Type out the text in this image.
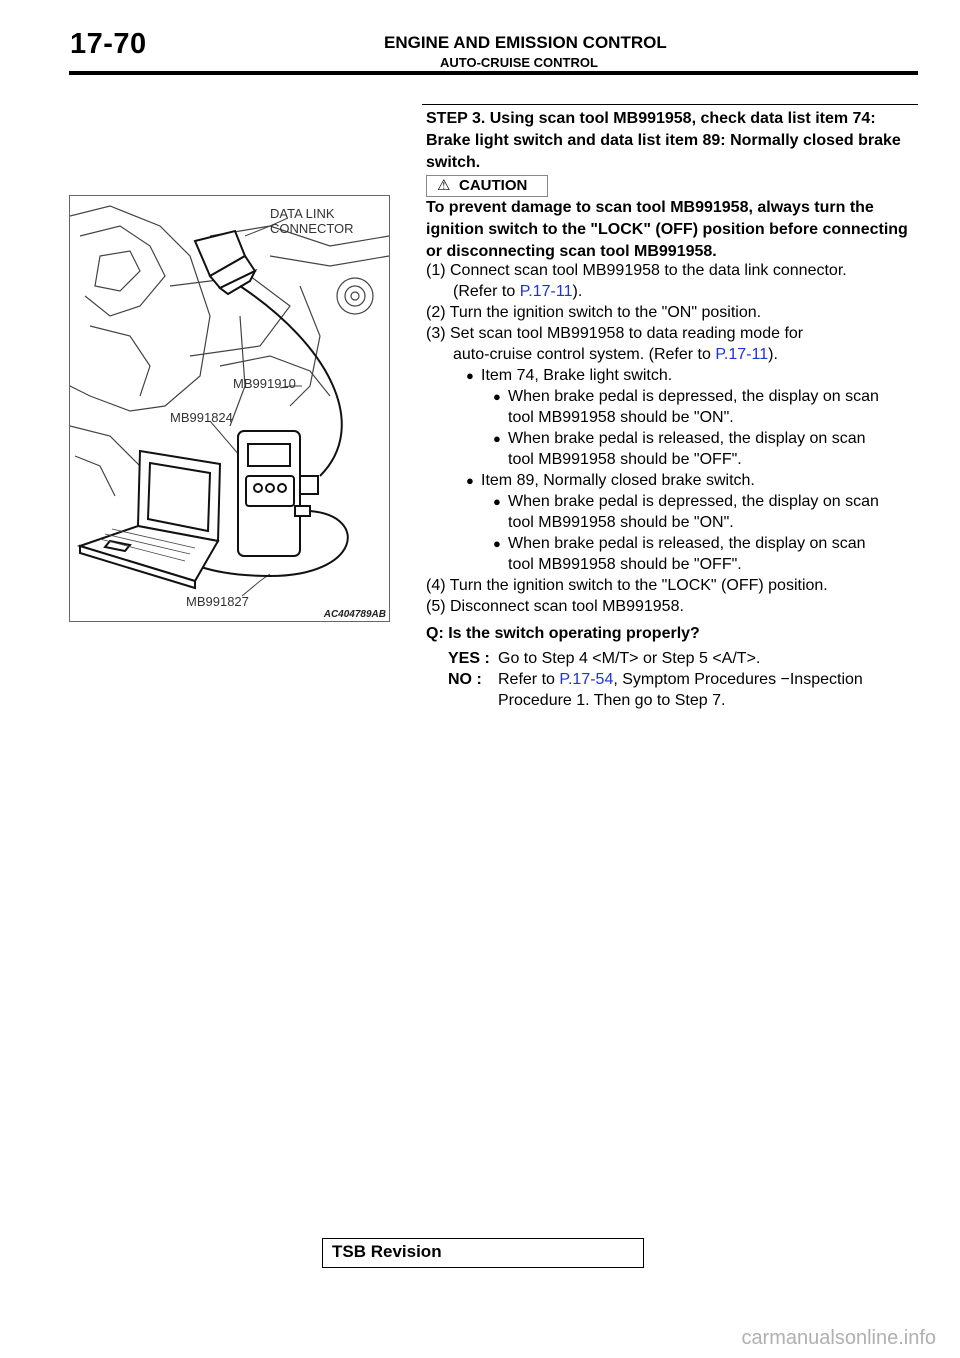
17-70	ENGINE AND EMISSION CONTROL
AUTO-CRUISE CONTROL
DATA LINK
CONNECTOR
MB991910
MB991824
MB991827
AC404789AB
STEP 3. Using scan tool MB991958, check data list item 74: Brake light switch and data list item 89: Normally closed brake switch.
⚠ CAUTION
To prevent damage to scan tool MB991958, always turn the ignition switch to the "LOCK" (OFF) position before connecting or disconnecting scan tool MB991958.
(1) Connect scan tool MB991958 to the data link connector.
(Refer to P.17-11).
(2) Turn the ignition switch to the "ON" position.
(3) Set scan tool MB991958 to data reading mode for
auto-cruise control system. (Refer to P.17-11).
● Item 74, Brake light switch.
● When brake pedal is depressed, the display on scan
tool MB991958 should be "ON".
● When brake pedal is released, the display on scan
tool MB991958 should be "OFF".
● Item 89, Normally closed brake switch.
● When brake pedal is depressed, the display on scan
tool MB991958 should be "ON".
● When brake pedal is released, the display on scan
tool MB991958 should be "OFF".
(4) Turn the ignition switch to the "LOCK" (OFF) position.
(5) Disconnect scan tool MB991958.
Q: Is the switch operating properly?
YES : Go to Step 4 <M/T> or Step 5 <A/T>.
NO : Refer to P.17-54, Symptom Procedures −Inspection
Procedure 1. Then go to Step 7.
TSB Revision
carmanualsonline.info
